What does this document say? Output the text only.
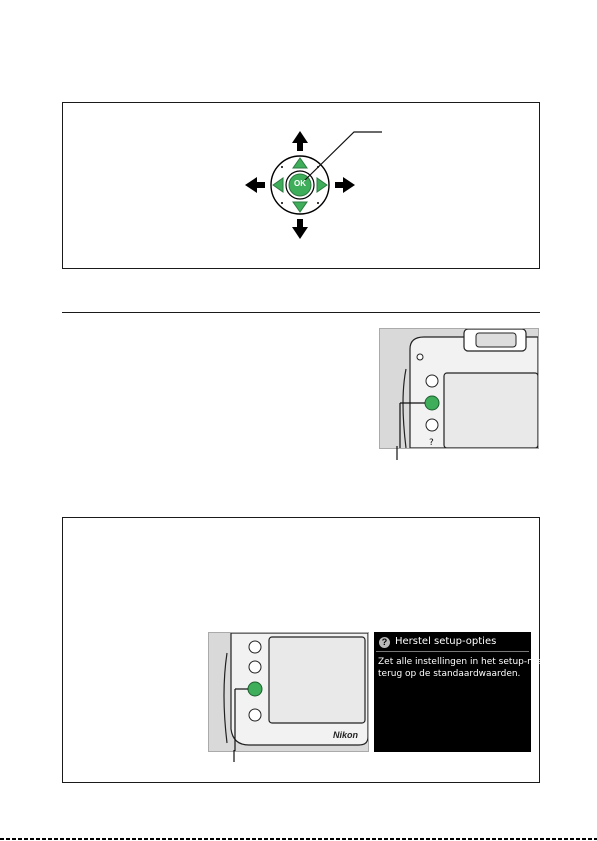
OK
?
Nikon
? Herstel setup-opties
Zet alle instellingen in het setup-menu
terug op de standaardwaarden.
